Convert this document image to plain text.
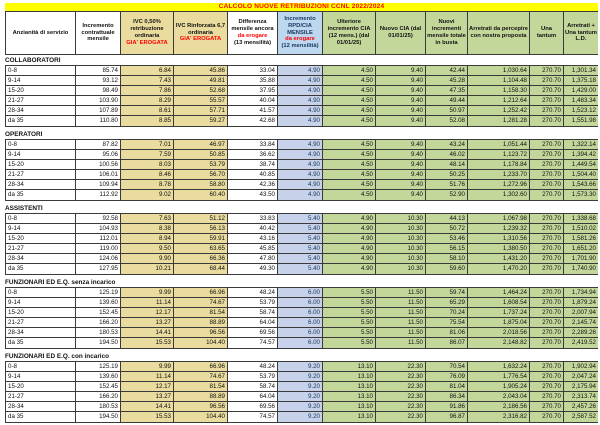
CALCOLO NUOVE RETRIBUZIONI CCNL 2022/2024
Anzianità di servizio
Incremento contrattuale mensile
IVC 0,50% retribuzione ordinaria
GIA' EROGATA
IVC Rinforzata 6,7 ordinaria
GIA' EROGATA
Differenza mensile ancora
da erogare
(13 mensilità)
Incremento RPD/CIA MENSILE
da erogare
(12 mensilità)
Ulteriore incremento CIA (12 mens.) (dal 01/01/25)
Nuovo CIA (dal 01/01/25)
Nuovi incrementi mensile totale in busta
Arretrati da percepire con nostra proposta
Una tantum
Arretrati + Una tantum L.D.
COLLABORATORI
0-8	85.74	6.84	45.86	33.04	4.90	4.50	9.40	42.44	1,030.64	270.70	1,301.34
9-14	93.12	7.43	49.81	35.88	4.90	4.50	9.40	45.28	1,104.48	270.70	1,375.18
15-20	98.49	7.86	52.68	37.95	4.90	4.50	9.40	47.35	1,158.30	270.70	1,429.00
21-27	103.90	8.29	55.57	40.04	4.90	4.50	9.40	49.44	1,212.64	270.70	1,483.34
28-34	107.89	8.61	57.71	41.57	4.90	4.50	9.40	50.97	1,252.42	270.70	1,523.12
da 35	110.80	8.85	59.27	42.68	4.90	4.50	9.40	52.08	1,281.28	270.70	1,551.98
OPERATORI
0-8	87.82	7.01	46.97	33.84	4.90	4.50	9.40	43.24	1,051.44	270.70	1,322.14
9-14	95.06	7.59	50.85	36.62	4.90	4.50	9.40	46.02	1,123.72	270.70	1,394.42
15-20	100.56	8.03	53.79	38.74	4.90	4.50	9.40	48.14	1,178.84	270.70	1,449.54
21-27	106.01	8.46	56.70	40.85	4.90	4.50	9.40	50.25	1,233.70	270.70	1,504.40
28-34	109.94	8.78	58.80	42.36	4.90	4.50	9.40	51.76	1,272.96	270.70	1,543.66
da 35	112.92	9.02	60.40	43.50	4.90	4.50	9.40	52.90	1,302.60	270.70	1,573.30
ASSISTENTI
0-8	92.58	7.63	51.12	33.83	5.40	4.90	10.30	44.13	1,067.98	270.70	1,338.68
9-14	104.93	8.38	56.13	40.42	5.40	4.90	10.30	50.72	1,239.32	270.70	1,510.02
15-20	112.01	8.94	59.91	43.16	5.40	4.90	10.30	53.46	1,310.56	270.70	1,581.26
21-27	119.00	9.50	63.65	45.85	5.40	4.90	10.30	56.15	1,380.50	270.70	1,651.20
28-34	124.06	9.90	66.36	47.80	5.40	4.90	10.30	58.10	1,431.20	270.70	1,701.90
da 35	127.95	10.21	68.44	49.30	5.40	4.90	10.30	59.60	1,470.20	270.70	1,740.90
FUNZIONARI ED E.Q. senza incarico
0-8	125.19	9.99	66.96	48.24	6.00	5.50	11.50	59.74	1,464.24	270.70	1,734.94
9-14	139.60	11.14	74.67	53.79	6.00	5.50	11.50	65.29	1,608.54	270.70	1,879.24
15-20	152.45	12.17	81.54	58.74	6.00	5.50	11.50	70.24	1,737.24	270.70	2,007.94
21-27	166.20	13.27	88.89	64.04	6.00	5.50	11.50	75.54	1,875.04	270.70	2,145.74
28-34	180.53	14.41	96.56	69.56	6.00	5.50	11.50	81.06	2,018.56	270.70	2,289.26
da 35	194.50	15.53	104.40	74.57	6.00	5.50	11.50	86.07	2,148.82	270.70	2,419.52
FUNZIONARI ED E.Q. con incarico
0-8	125.19	9.99	66.96	48.24	9.20	13.10	22.30	70.54	1,632.24	270.70	1,902.94
9-14	139.60	11.14	74.67	53.79	9.20	13.10	22.30	76.09	1,776.54	270.70	2,047.24
15-20	152.45	12.17	81.54	58.74	9.20	13.10	22.30	81.04	1,905.24	270.70	2,175.94
21-27	166.20	13.27	88.89	64.04	9.20	13.10	22.30	86.34	2,043.04	270.70	2,313.74
28-34	180.53	14.41	96.56	69.56	9.20	13.10	22.30	91.86	2,186.56	270.70	2,457.26
da 35	194.50	15.53	104.40	74.57	9.20	13.10	22.30	96.87	2,316.82	270.70	2,587.52
